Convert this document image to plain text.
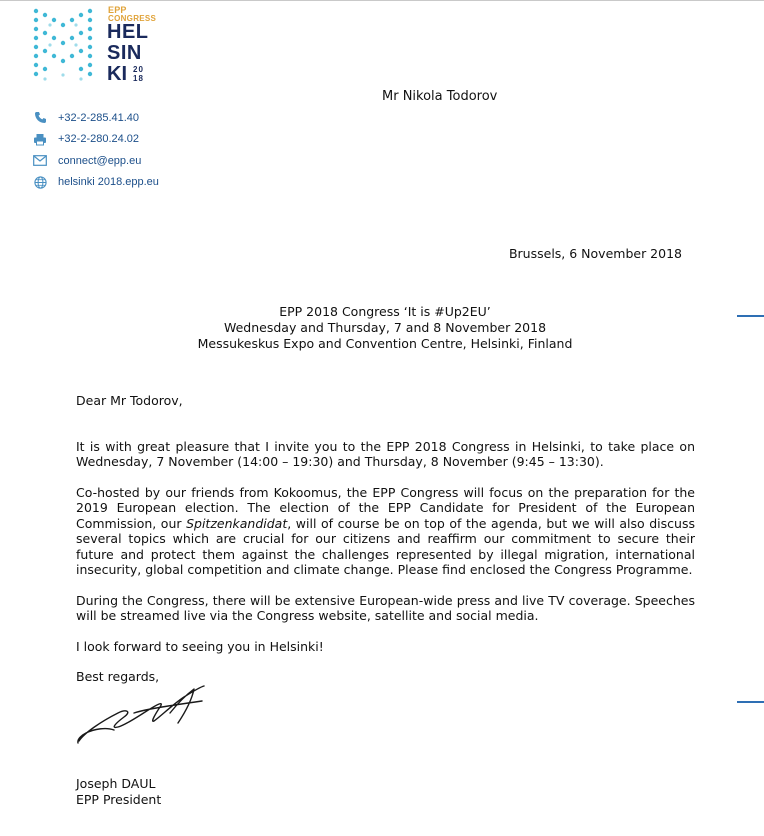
EPP
CONGRESS
HEL
SIN
KI 20
18
Mr Nikola Todorov
+32-2-285.41.40
+32-2-280.24.02
connect@epp.eu
helsinki 2018.epp.eu
Brussels, 6 November 2018
EPP 2018 Congress ‘It is #Up2EU’
Wednesday and Thursday, 7 and 8 November 2018
Messukeskus Expo and Convention Centre, Helsinki, Finland

Dear Mr Todorov,

It is with great pleasure that I invite you to the EPP 2018 Congress in Helsinki, to take place on Wednesday, 7 November (14:00 – 19:30) and Thursday, 8 November (9:45 – 13:30).

Co-hosted by our friends from Kokoomus, the EPP Congress will focus on the preparation for the 2019 European election. The election of the EPP Candidate for President of the European Commission, our Spitzenkandidat, will of course be on top of the agenda, but we will also discuss several topics which are crucial for our citizens and reaffirm our commitment to secure their future and protect them against the challenges represented by illegal migration, international insecurity, global competition and climate change. Please find enclosed the Congress Programme.

During the Congress, there will be extensive European-wide press and live TV coverage. Speeches will be streamed live via the Congress website, satellite and social media.

I look forward to seeing you in Helsinki!

Best regards,

Joseph DAUL
EPP President
